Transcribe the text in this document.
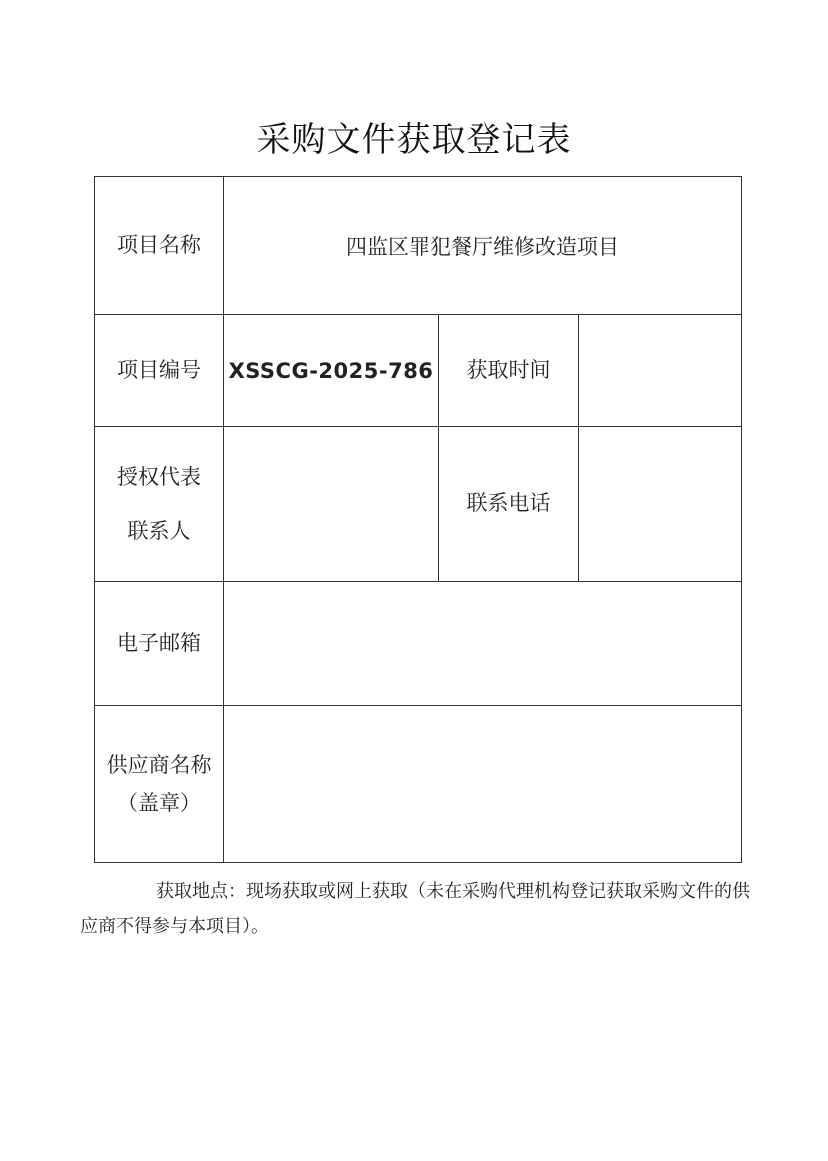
采购文件获取登记表
项目名称	四监区罪犯餐厅维修改造项目		
项目编号	XSSCG-2025-786	获取时间	

授权代表
联系人		联系电话	
电子邮箱			

供应商名称
（盖章）			

获取地点：现场获取或网上获取（未在采购代理机构登记获取采购文件的供应商不得参与本项目）。
